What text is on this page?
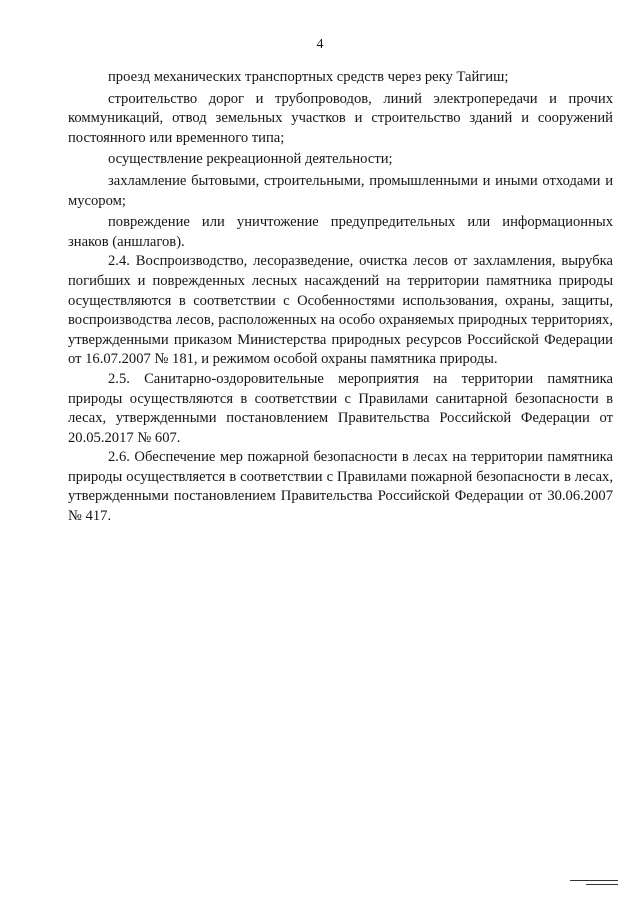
4

проезд механических транспортных средств через реку Тайгиш;

строительство дорог и трубопроводов, линий электропередачи и прочих коммуникаций, отвод земельных участков и строительство зданий и сооружений постоянного или временного типа;

осуществление рекреационной деятельности;

захламление бытовыми, строительными, промышленными и иными отходами и мусором;

повреждение или уничтожение предупредительных или информационных знаков (аншлагов).

2.4. Воспроизводство, лесоразведение, очистка лесов от захламления, вырубка погибших и поврежденных лесных насаждений на территории памятника природы осуществляются в соответствии с Особенностями использования, охраны, защиты, воспроизводства лесов, расположенных на особо охраняемых природных территориях, утвержденными приказом Министерства природных ресурсов Российской Федерации от 16.07.2007 № 181, и режимом особой охраны памятника природы.

2.5. Санитарно-оздоровительные мероприятия на территории памятника природы осуществляются в соответствии с Правилами санитарной безопасности в лесах, утвержденными постановлением Правительства Российской Федерации от 20.05.2017 № 607.

2.6. Обеспечение мер пожарной безопасности в лесах на территории памятника природы осуществляется в соответствии с Правилами пожарной безопасности в лесах, утвержденными постановлением Правительства Российской Федерации от 30.06.2007 № 417.
